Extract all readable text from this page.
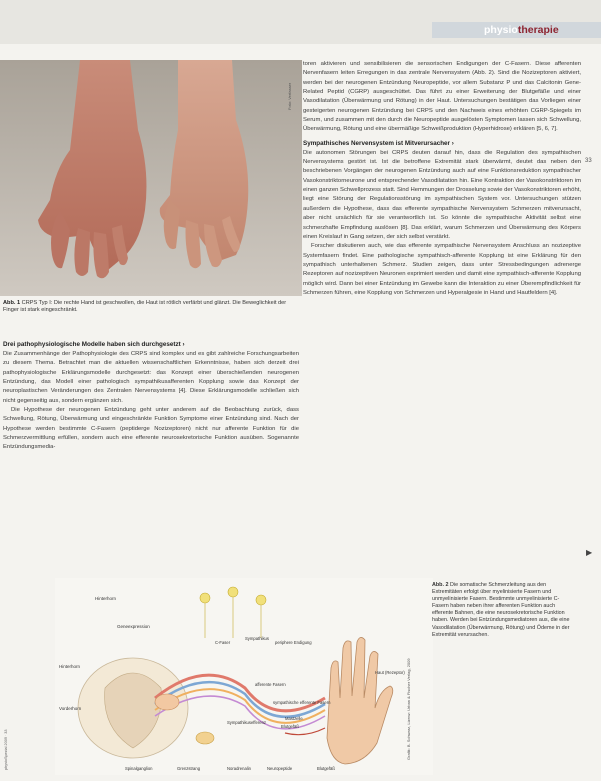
physiotherapie
Foto: Verfasser
Abb. 1 CRPS Typ I: Die rechte Hand ist geschwollen, die Haut ist rötlich verfärbt und glänzt. Die Beweglichkeit der Finger ist stark eingeschränkt.
Drei pathophysiologische Modelle haben sich durchgesetzt ›

Die Zusammenhänge der Pathophysiologie des CRPS sind komplex und es gibt zahlreiche Forschungsarbeiten zu diesem Thema. Betrachtet man die aktuellen wissenschaftlichen Erkenntnisse, haben sich derzeit drei pathophysiologische Erklärungsmodelle durchgesetzt: das Konzept einer überschießenden neurogenen Entzündung, das Modell einer pathologisch sympathikusafferenten Kopplung sowie das Konzept der neuroplastischen Veränderungen des Zentralen Nervensystems [4]. Diese Erklärungsmodelle schließen sich nicht gegenseitig aus, sondern ergänzen sich.

Die Hypothese der neurogenen Entzündung geht unter anderem auf die Beobachtung zurück, dass Schwellung, Rötung, Überwärmung und eingeschränkte Funktion Symptome einer Entzündung sind. Nach der Hypothese werden bestimmte C-Fasern (peptiderge Nozizeptoren) nicht nur afferente Funktion für die Schmerzvermittlung erfüllen, sondern auch eine efferente neurosekretorische Funktion ausüben. Sogenannte Entzündungsmedia-

toren aktivieren und sensibilisieren die sensorischen Endigungen der C-Fasern. Diese afferenten Nervenfasern leiten Erregungen in das zentrale Nervensystem (Abb. 2). Sind die Nozizeptoren aktiviert, werden bei der neurogenen Entzündung Neuropeptide, vor allem Substanz P und das Calcitonin Gene-Related Peptid (CGRP) ausgeschüttet. Das führt zu einer Erweiterung der Blutgefäße und einer Vasodilatation (Überwärmung und Rötung) in der Haut. Untersuchungen bestätigen das Vorliegen einer gesteigerten neurogenen Entzündung bei CRPS und den Nachweis eines erhöhten CGRP-Spiegels im Serum, und zusammen mit den durch die Neuropeptide ausgelösten Symptomen lassen sich Schwellung, Überwärmung, Rötung und eine übermäßige Schweißproduktion (Hyperhidrose) erklären [5, 6, 7].

Sympathisches Nervensystem ist Mitverursacher ›

Die autonomen Störungen bei CRPS deuten darauf hin, dass die Regulation des sympathischen Nervensystems gestört ist. Ist die betroffene Extremität stark überwärmt, deutet das neben den beschriebenen Vorgängen der neurogenen Entzündung auch auf eine Funktionsreduktion sympathischer Vasokonstriktorneurone und entsprechender Vasodilatation hin. Eine Kontraktion der Vasokonstriktoren im einen ganzen Schwellprozess statt. Sind Hemmungen der Drosselung sowie der Vasokonstriktoren erhöht, liegt eine Störung der Regulationsstörung im sympathischen System vor. Untersuchungen stützen außerdem die Hypothese, dass das efferente sympathische Nervensystem Schmerzen mitverursacht, aber nicht ursächlich für sie verantwortlich ist. So könnte die sympathische Aktivität selbst eine schmerzhafte Empfindung auslösen [8]. Das erklärt, warum Schmerzen und Überwärmung des Körpers einen Kreislauf in Gang setzen, der sich selbst verstärkt.

Forscher diskutieren auch, wie das efferente sympathische Nervensystem Anschluss an nozizeptive Systemfasern findet. Eine pathologische sympathisch-afferente Kopplung ist eine Erklärung für den sympathisch unterhaltenen Schmerz. Studien zeigen, dass unter Stressbedingungen adrenerge Rezeptoren auf nozizeptiven Neuronen exprimiert werden und damit eine sympathisch-afferente Kopplung möglich wird. Dann bei einer Entzündung im Gewebe kann die Interaktion zu einer Überempfindlichkeit für Schmerzen führen, eine Kopplung von Schmerzen und Hyperalgesie in Hand und Hautfeldern [4].

33
▶
Hinterhorn
Geneexpression
Sympathikus
C-Faser	periphere Endigung
afferente Fasern
sympathische efferente Fasern
Blutgefäß
Haut (Rezeptor)
Hinterhorn
Vorderhorn
Spinalganglion	Grenzstrang	Noradrenalin	Neuropeptide	Blutgefäß
Sympathikusefferenz
Mastzelle	Grafik: B. Schwarz, Lizenz: Urban & Fischer Verlag, 2009
Abb. 2 Die somatische Schmerzleitung aus den Extremitäten erfolgt über myelinisierte Fasern und unmyelinisierte Fasern. Bestimmte unmyelinisierte C-Fasern haben neben ihrer afferenten Funktion auch efferente Bahnen, die eine neurosekretorische Funktion haben. Werden bei Entzündungsmediatoren aus, die eine Vasodilatation (Überwärmung, Rötung) und Ödeme in der Extremität verursachen.
physioSpezial 2009 · 33
